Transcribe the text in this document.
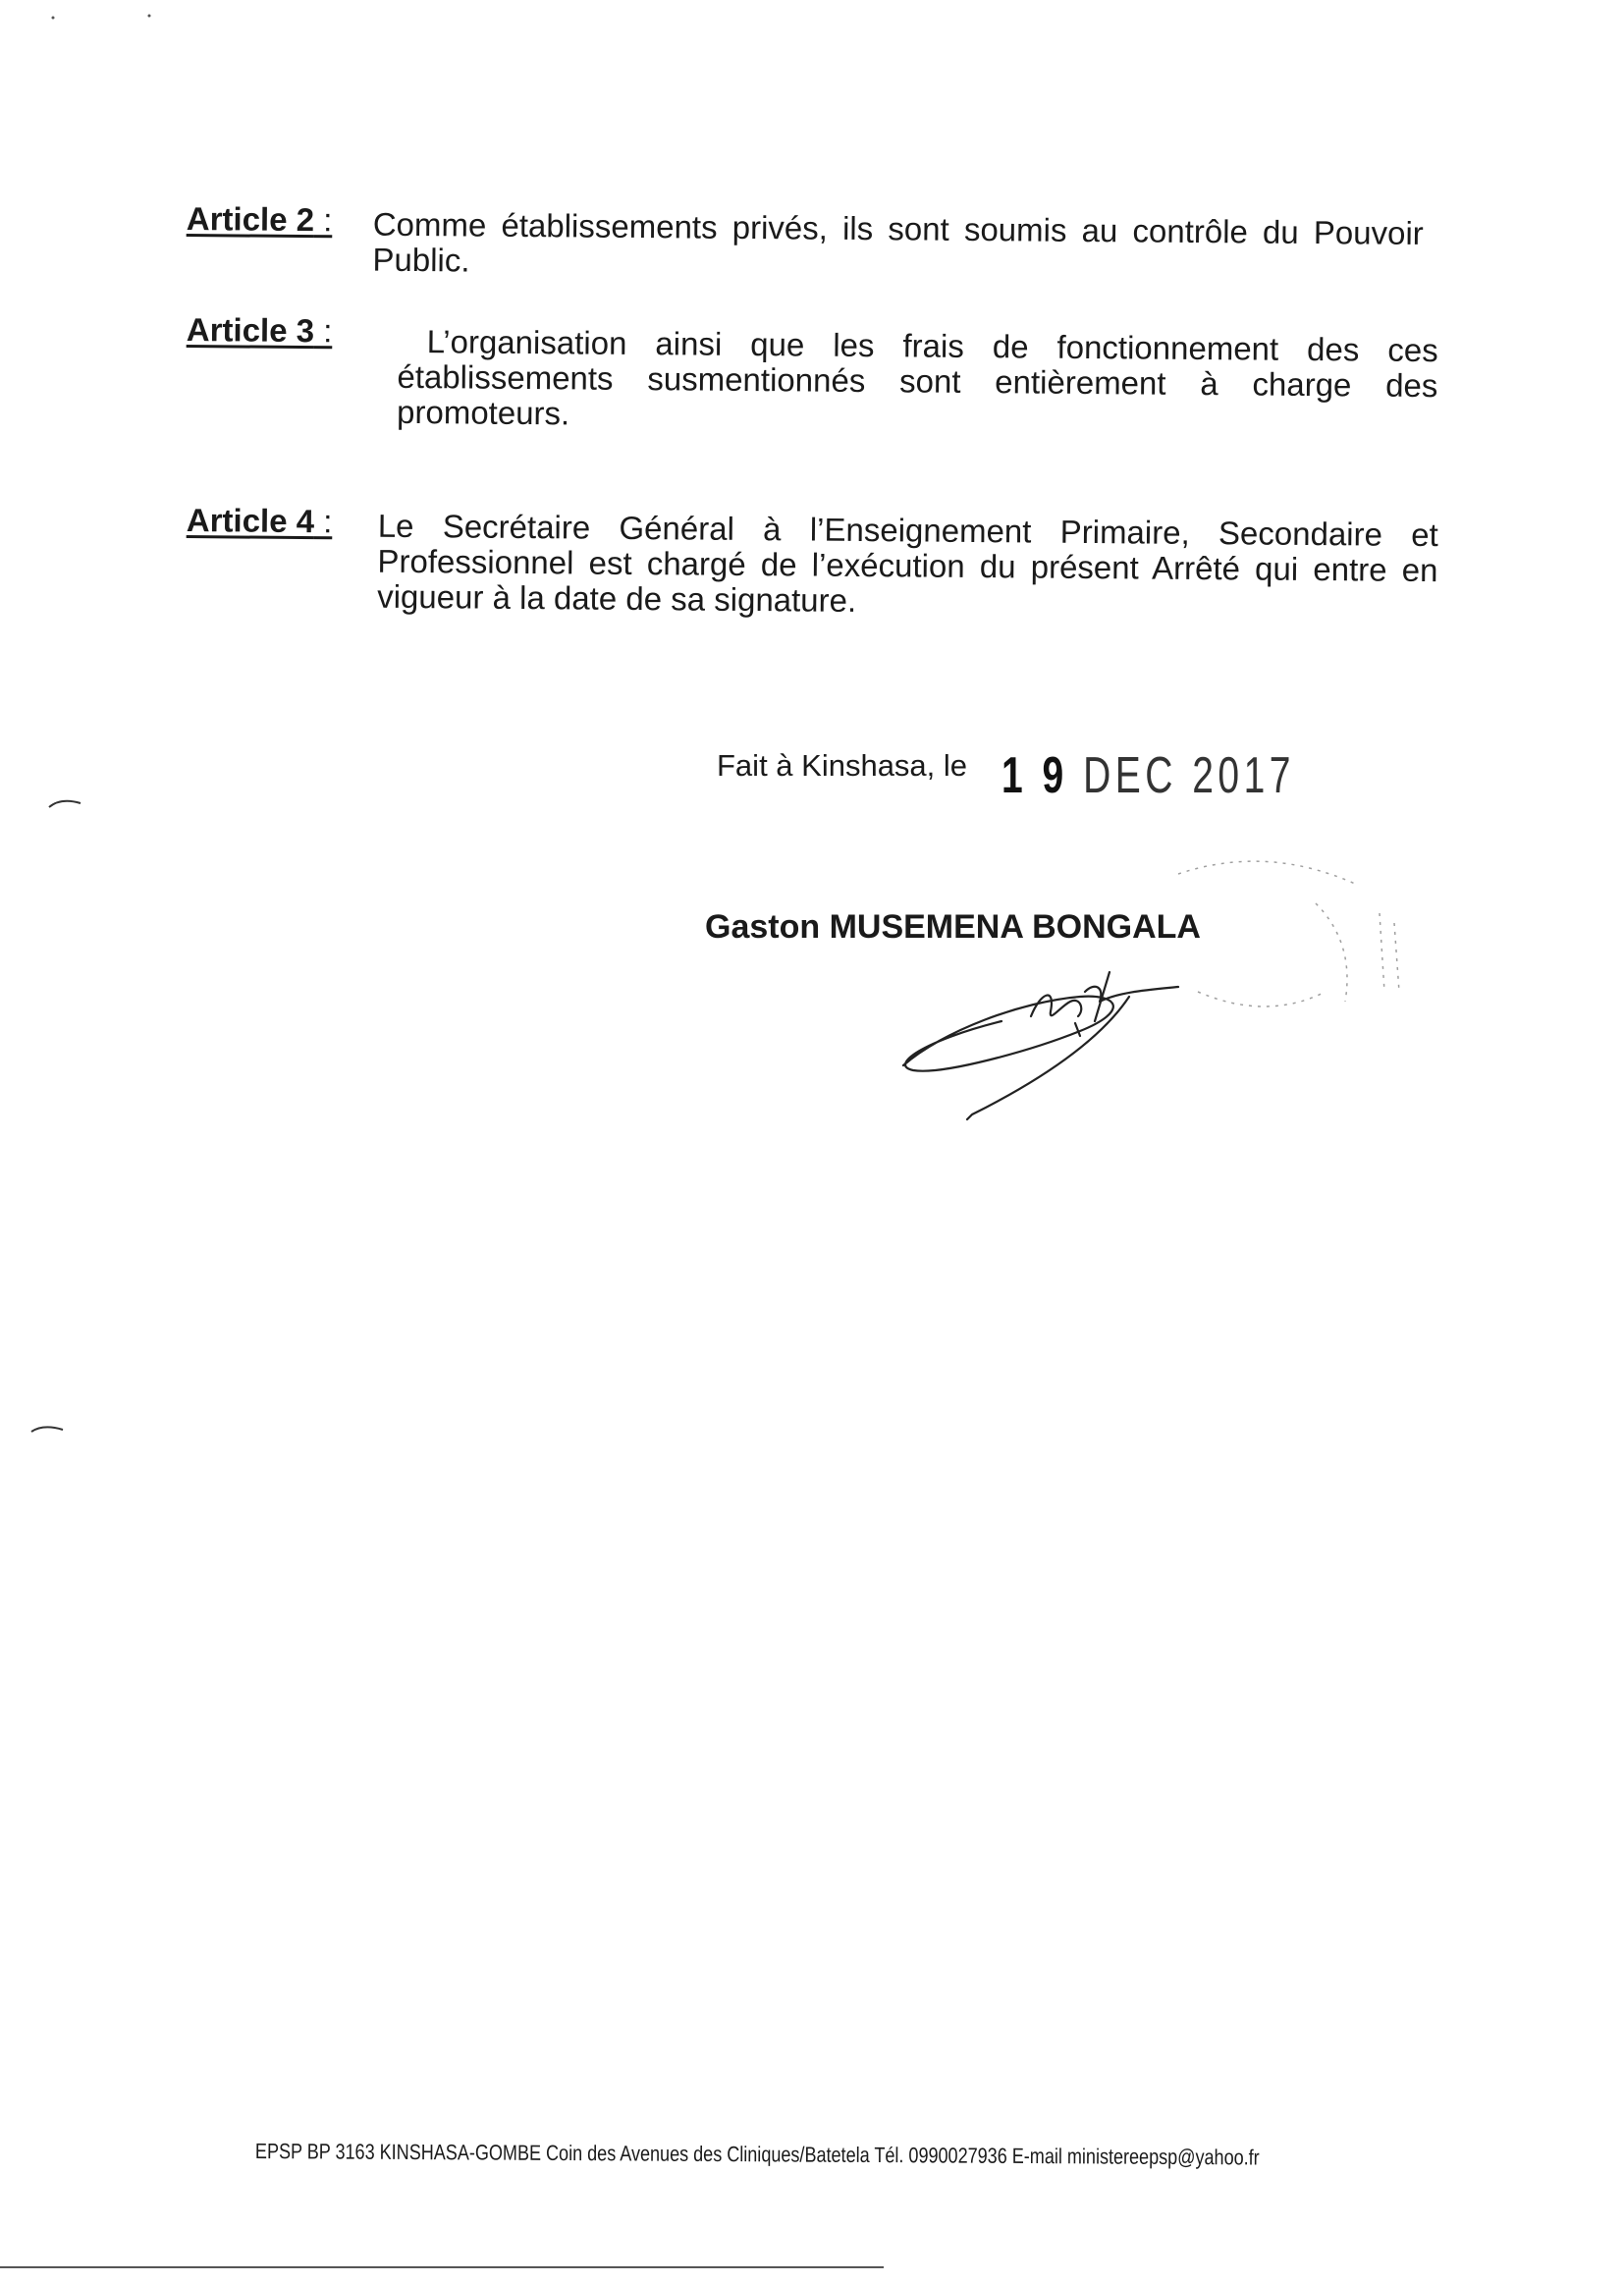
Article 2 : Comme établissements privés, ils sont soumis au contrôle du Pouvoir Public.
Article 3 :	L’organisation ainsi que les frais de fonctionnement des ces établissements susmentionnés sont entièrement à charge des promoteurs.
Article 4 : Le Secrétaire Général à l’Enseignement Primaire, Secondaire et Professionnel est chargé de l’exécution du présent Arrêté qui entre en vigueur à la date de sa signature.
Fait à Kinshasa, le 1 9 DEC 2017
Gaston MUSEMENA BONGALA
EPSP BP 3163 KINSHASA-GOMBE Coin des Avenues des Cliniques/Batetela Tél. 0990027936 E-mail ministereepsp@yahoo.fr
